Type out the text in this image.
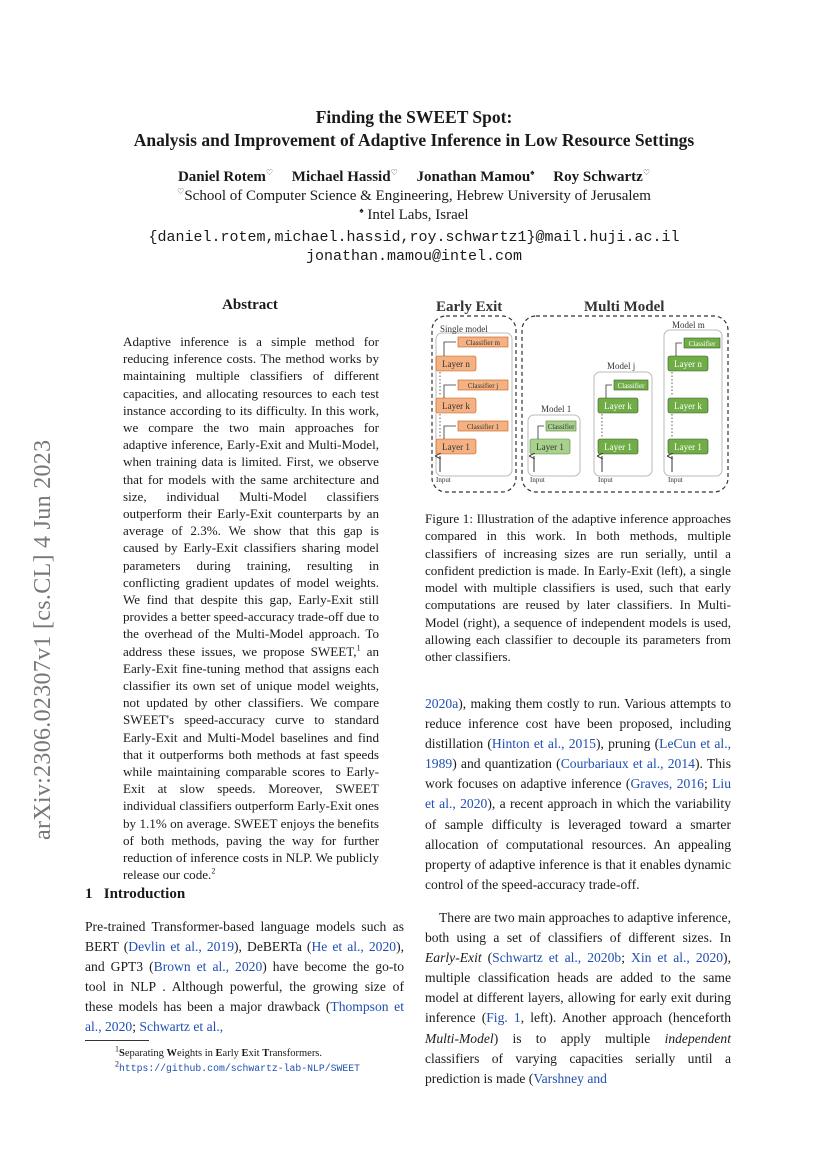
arXiv:2306.02307v1 [cs.CL] 4 Jun 2023
Finding the SWEET Spot:
Analysis and Improvement of Adaptive Inference in Low Resource Settings
Daniel Rotem♡ Michael Hassid♡ Jonathan Mamou♠ Roy Schwartz♡
♡School of Computer Science & Engineering, Hebrew University of Jerusalem
♠ Intel Labs, Israel
{daniel.rotem,michael.hassid,roy.schwartz1}@mail.huji.ac.il
jonathan.mamou@intel.com
Abstract
Adaptive inference is a simple method for reducing inference costs. The method works by maintaining multiple classifiers of different capacities, and allocating resources to each test instance according to its difficulty. In this work, we compare the two main approaches for adaptive inference, Early-Exit and Multi-Model, when training data is limited. First, we observe that for models with the same architecture and size, individual Multi-Model classifiers outperform their Early-Exit counterparts by an average of 2.3%. We show that this gap is caused by Early-Exit classifiers sharing model parameters during training, resulting in conflicting gradient updates of model weights. We find that despite this gap, Early-Exit still provides a better speed-accuracy trade-off due to the overhead of the Multi-Model approach. To address these issues, we propose SWEET,$^1$ an Early-Exit fine-tuning method that assigns each classifier its own set of unique model weights, not updated by other classifiers. We compare SWEET's speed-accuracy curve to standard Early-Exit and Multi-Model baselines and find that it outperforms both methods at fast speeds while maintaining comparable scores to Early-Exit at slow speeds. Moreover, SWEET individual classifiers outperform Early-Exit ones by 1.1% on average. SWEET enjoys the benefits of both methods, paving the way for further reduction of inference costs in NLP. We publicly release our code.$^2$
1 Introduction
Pre-trained Transformer-based language models such as BERT (Devlin et al., 2019), DeBERTa (He et al., 2020), and GPT3 (Brown et al., 2020) have become the go-to tool in NLP . Although powerful, the growing size of these models has been a major drawback (Thompson et al., 2020; Schwartz et al.,
$^1$Separating Weights in Early Exit Transformers.
$^2$https://github.com/schwartz-lab-NLP/SWEET
Early Exit	Multi Model
Single model
Classifier m
Layer n
Classifier j
Layer k
Classifier 1
Layer 1
Input
Model 1
Classifier
Layer 1
Input
Model j
Classifier
Layer k
Layer 1
Input
Model m
Classifier
Layer n
Layer k
Layer 1
Input
Figure 1: Illustration of the adaptive inference approaches compared in this work. In both methods, multiple classifiers of increasing sizes are run serially, until a confident prediction is made. In Early-Exit (left), a single model with multiple classifiers is used, such that early computations are reused by later classifiers. In Multi-Model (right), a sequence of independent models is used, allowing each classifier to decouple its parameters from other classifiers.
2020a), making them costly to run. Various attempts to reduce inference cost have been proposed, including distillation (Hinton et al., 2015), pruning (LeCun et al., 1989) and quantization (Courbariaux et al., 2014). This work focuses on adaptive inference (Graves, 2016; Liu et al., 2020), a recent approach in which the variability of sample difficulty is leveraged toward a smarter allocation of computational resources. An appealing property of adaptive inference is that it enables dynamic control of the speed-accuracy trade-off.
There are two main approaches to adaptive inference, both using a set of classifiers of different sizes. In Early-Exit (Schwartz et al., 2020b; Xin et al., 2020), multiple classification heads are added to the same model at different layers, allowing for early exit during inference (Fig. 1, left). Another approach (henceforth Multi-Model) is to apply multiple independent classifiers of varying capacities serially until a prediction is made (Varshney and
